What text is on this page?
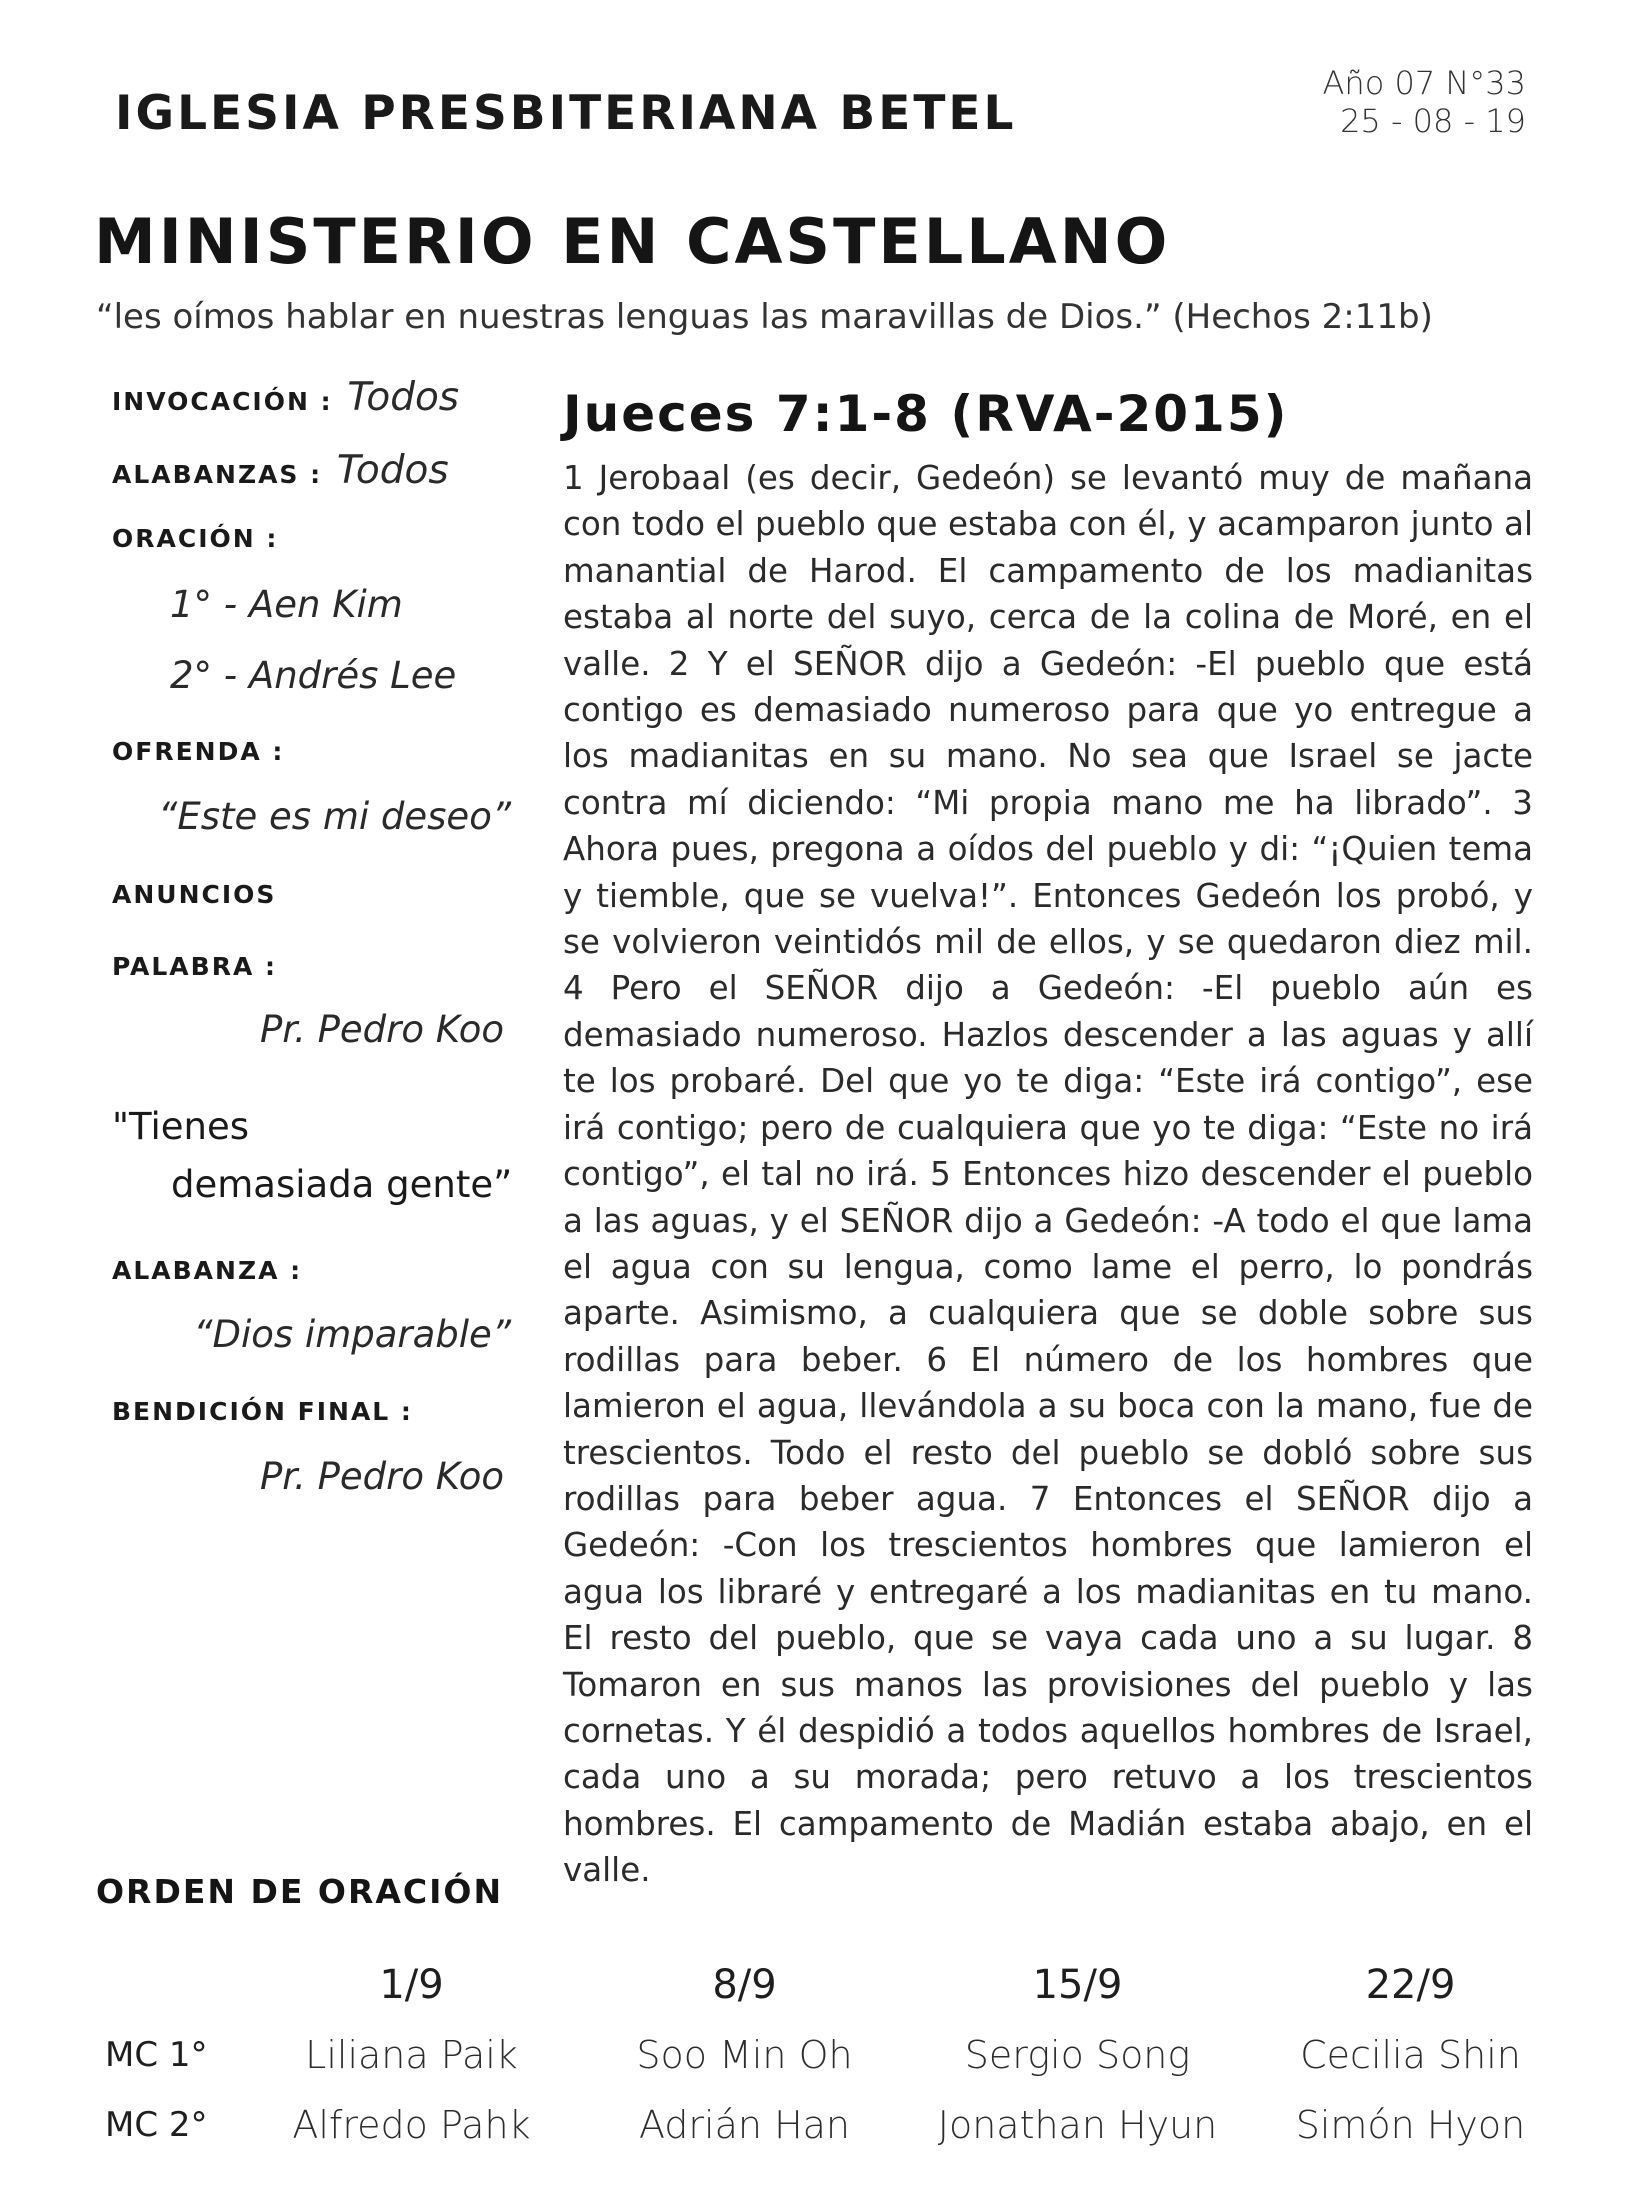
IGLESIA PRESBITERIANA BETEL
Año 07 N°33
25 - 08 - 19
MINISTERIO EN CASTELLANO
“les oímos hablar en nuestras lenguas las maravillas de Dios.” (Hechos 2:11b)
INVOCACIÓN : Todos
ALABANZAS : Todos
ORACIÓN :
1° - Aen Kim
2° - Andrés Lee
OFRENDA :
“Este es mi deseo”
ANUNCIOS
PALABRA :
Pr. Pedro Koo
"Tienes
demasiada gente”
ALABANZA :
“Dios imparable”
BENDICIÓN FINAL :
Pr. Pedro Koo
Jueces 7:1-8 (RVA-2015)
1 Jerobaal (es decir, Gedeón) se levantó muy de mañana con todo el pueblo que estaba con él, y acamparon junto al manantial de Harod. El campamento de los madianitas estaba al norte del suyo, cerca de la colina de Moré, en el valle. 2 Y el SEÑOR dijo a Gedeón: -El pueblo que está contigo es demasiado numeroso para que yo entregue a los madianitas en su mano. No sea que Israel se jacte contra mí diciendo: “Mi propia mano me ha librado”. 3 Ahora pues, pregona a oídos del pueblo y di: “¡Quien tema y tiemble, que se vuelva!”. Entonces Gedeón los probó, y se volvieron veintidós mil de ellos, y se quedaron diez mil. 4 Pero el SEÑOR dijo a Gedeón: -El pueblo aún es demasiado numeroso. Hazlos descender a las aguas y allí te los probaré. Del que yo te diga: “Este irá contigo”, ese irá contigo; pero de cualquiera que yo te diga: “Este no irá contigo”, el tal no irá. 5 Entonces hizo descender el pueblo a las aguas, y el SEÑOR dijo a Gedeón: -A todo el que lama el agua con su lengua, como lame el perro, lo pondrás aparte. Asimismo, a cualquiera que se doble sobre sus rodillas para beber. 6 El número de los hombres que lamieron el agua, llevándola a su boca con la mano, fue de trescientos. Todo el resto del pueblo se dobló sobre sus rodillas para beber agua. 7 Entonces el SEÑOR dijo a Gedeón: -Con los trescientos hombres que lamieron el agua los libraré y entregaré a los madianitas en tu mano. El resto del pueblo, que se vaya cada uno a su lugar. 8 Tomaron en sus manos las provisiones del pueblo y las cornetas. Y él despidió a todos aquellos hombres de Israel, cada uno a su morada; pero retuvo a los trescientos hombres. El campamento de Madián estaba abajo, en el valle.
ORDEN DE ORACIÓN
	1/9	8/9	15/9	22/9
MC 1°	Liliana Paik	Soo Min Oh	Sergio Song	Cecilia Shin
MC 2°	Alfredo Pahk	Adrián Han	Jonathan Hyun	Simón Hyon
